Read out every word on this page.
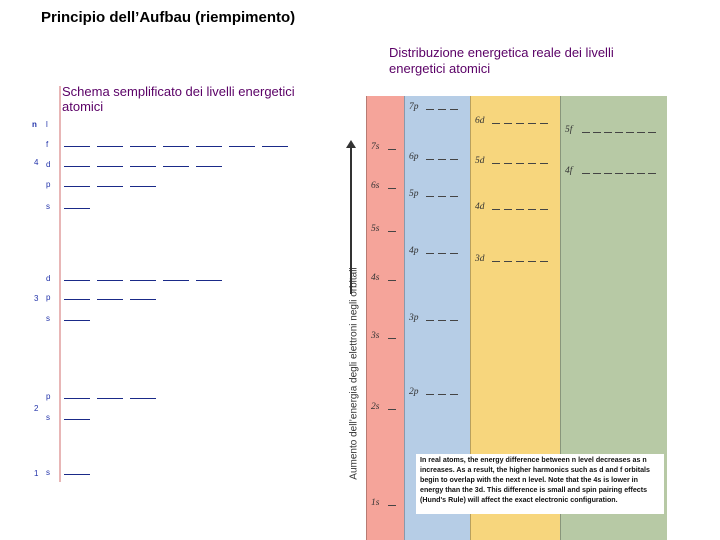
Principio dell’Aufbau (riempimento)
Schema semplificato dei livelli energetici atomici
Distribuzione energetica reale dei livelli energetici atomici
n l
4
f
d
p
s
3
d
p
s
2
p
s
1 s	Aumento dell’energia degli elettroni negli orbitali
7s
6s
5s
4s
3s
2s
1s
7p
6p
5p
4p
3p
2p
6d
5d
4d
3d
5f
4f
In real atoms, the energy difference between n level decreases as n increases. As a result, the higher harmonics such as d and f orbitals begin to overlap with the next n level. Note that the 4s is lower in energy than the 3d. This difference is small and spin pairing effects (Hund's Rule) will affect the exact electronic configuration.
